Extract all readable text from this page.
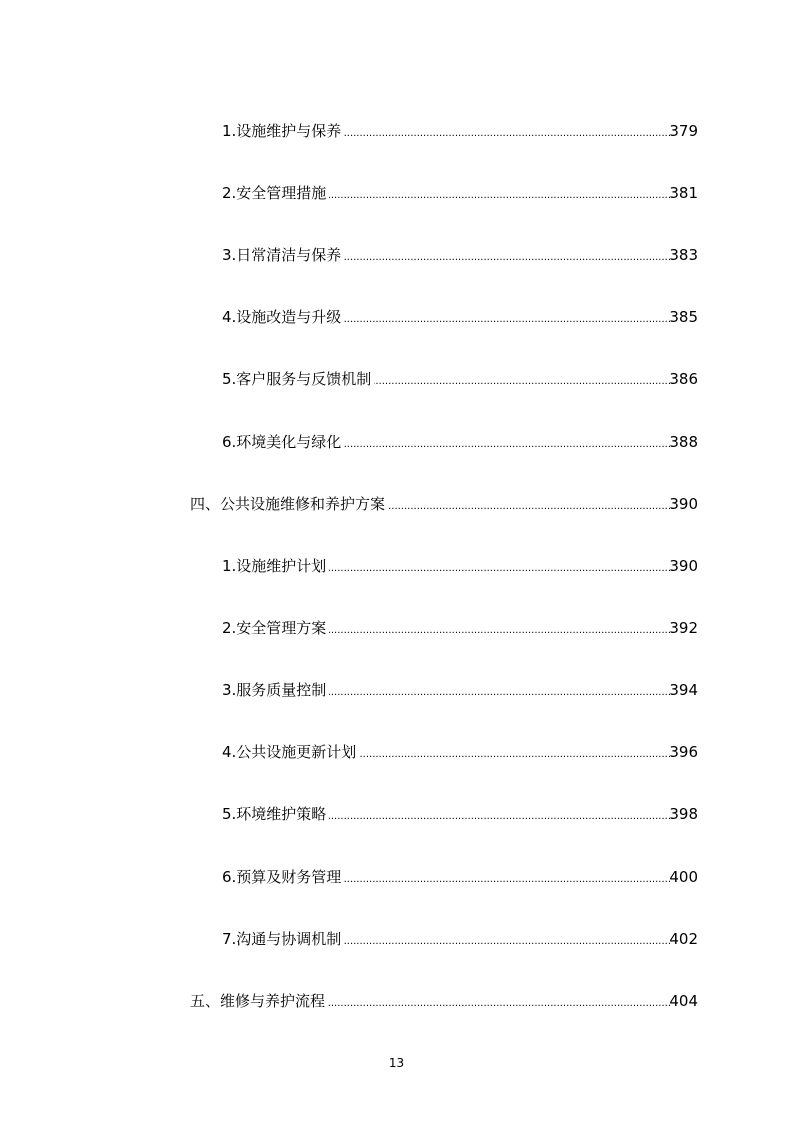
1.设施维护与保养 .....	379
2.安全管理措施 .....	381
3.日常清洁与保养 .....	383
4.设施改造与升级 .....	385
5.客户服务与反馈机制 .....	386
6.环境美化与绿化 .....	388
四、公共设施维修和养护方案 .....	390
1.设施维护计划 .....	390
2.安全管理方案 .....	392
3.服务质量控制 .....	394
4.公共设施更新计划 .....	396
5.环境维护策略 .....	398
6.预算及财务管理 .....	400
7.沟通与协调机制 .....	402
五、维修与养护流程 .....	404
13
